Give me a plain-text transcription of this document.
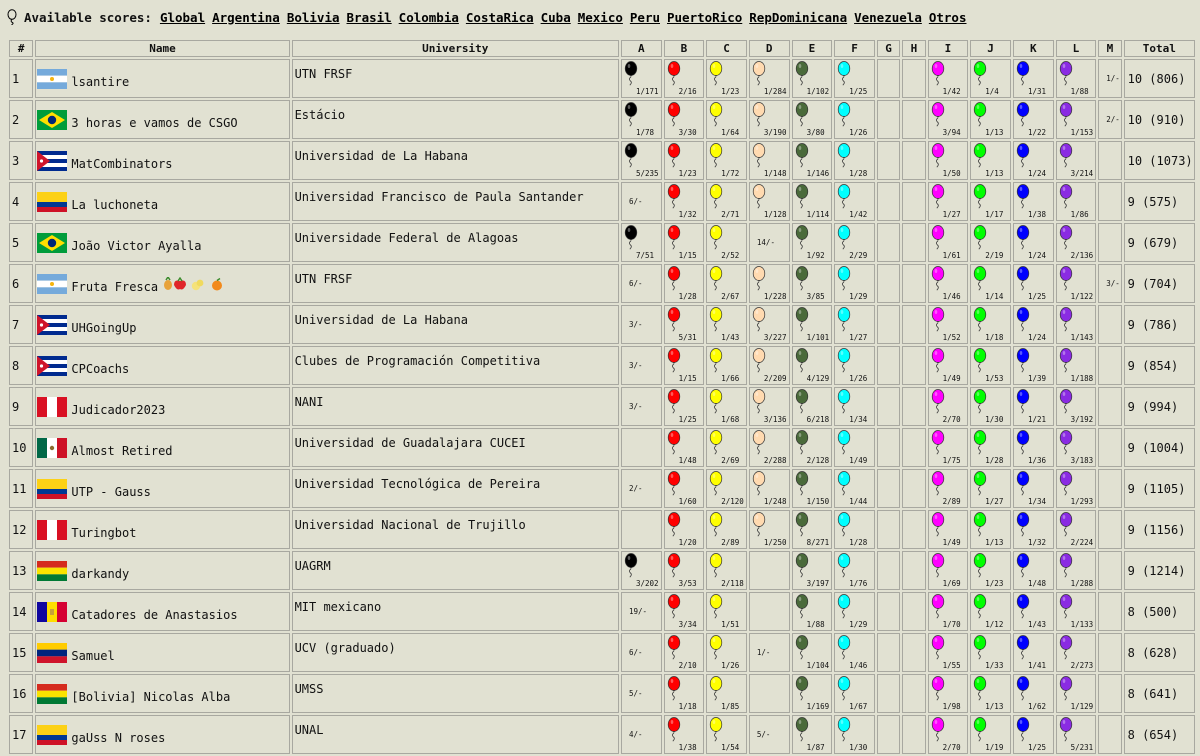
Available scores: Global Argentina Bolivia Brasil Colombia CostaRica Cuba Mexico Peru PuertoRico RepDominicana Venezuela Otros
#	Name	University	A	B	C	D	E	F	G	H	I	J	K	L	M	Total
1	lsantire	UTN FRSF	1/171	2/16	1/23	1/284	1/102	1/25			1/42	1/4	1/31	1/88	1/-	10 (806)
2	3 horas e vamos de CSGO	Estácio	1/78	3/30	1/64	3/190	3/80	1/26			3/94	1/13	1/22	1/153	2/-	10 (910)
3	MatCombinators	Universidad de La Habana	5/235	1/23	1/72	1/148	1/146	1/28			1/50	1/13	1/24	3/214		10 (1073)
4	La luchoneta	Universidad Francisco de Paula Santander	6/-	1/32	2/71	1/128	1/114	1/42			1/27	1/17	1/38	1/86		9 (575)
5	João Victor Ayalla	Universidade Federal de Alagoas	7/51	1/15	2/52	14/-	1/92	2/29			1/61	2/19	1/24	2/136		9 (679)
6	Fruta Fresca	UTN FRSF	6/-	1/28	2/67	1/228	3/85	1/29			1/46	1/14	1/25	1/122	3/-	9 (704)
7	UHGoingUp	Universidad de La Habana	3/-	5/31	1/43	3/227	1/101	1/27			1/52	1/18	1/24	1/143		9 (786)
8	CPCoachs	Clubes de Programación Competitiva	3/-	1/15	1/66	2/209	4/129	1/26			1/49	1/53	1/39	1/188		9 (854)
9	Judicador2023	NANI	3/-	1/25	1/68	3/136	6/218	1/34			2/70	1/30	1/21	3/192		9 (994)
10	Almost Retired	Universidad de Guadalajara CUCEI		1/48	2/69	2/288	2/128	1/49			1/75	1/28	1/36	3/183		9 (1004)
11	UTP - Gauss	Universidad Tecnológica de Pereira	2/-	1/60	2/120	1/248	1/150	1/44			2/89	1/27	1/34	1/293		9 (1105)
12	Turingbot	Universidad Nacional de Trujillo		1/20	2/89	1/250	8/271	1/28			1/49	1/13	1/32	2/224		9 (1156)
13	darkandy	UAGRM	3/202	3/53	2/118		3/197	1/76			1/69	1/23	1/48	1/288		9 (1214)
14	Catadores de Anastasios	MIT mexicano	19/-	3/34	1/51		1/88	1/29			1/70	1/12	1/43	1/133		8 (500)
15	Samuel	UCV (graduado)	6/-	2/10	1/26	1/-	1/104	1/46			1/55	1/33	1/41	2/273		8 (628)
16	[Bolivia] Nicolas Alba	UMSS	5/-	1/18	1/85		1/169	1/67			1/98	1/13	1/62	1/129		8 (641)
17	gaUss N roses	UNAL	4/-	1/38	1/54	5/-	1/87	1/30			2/70	1/19	1/25	5/231		8 (654)
